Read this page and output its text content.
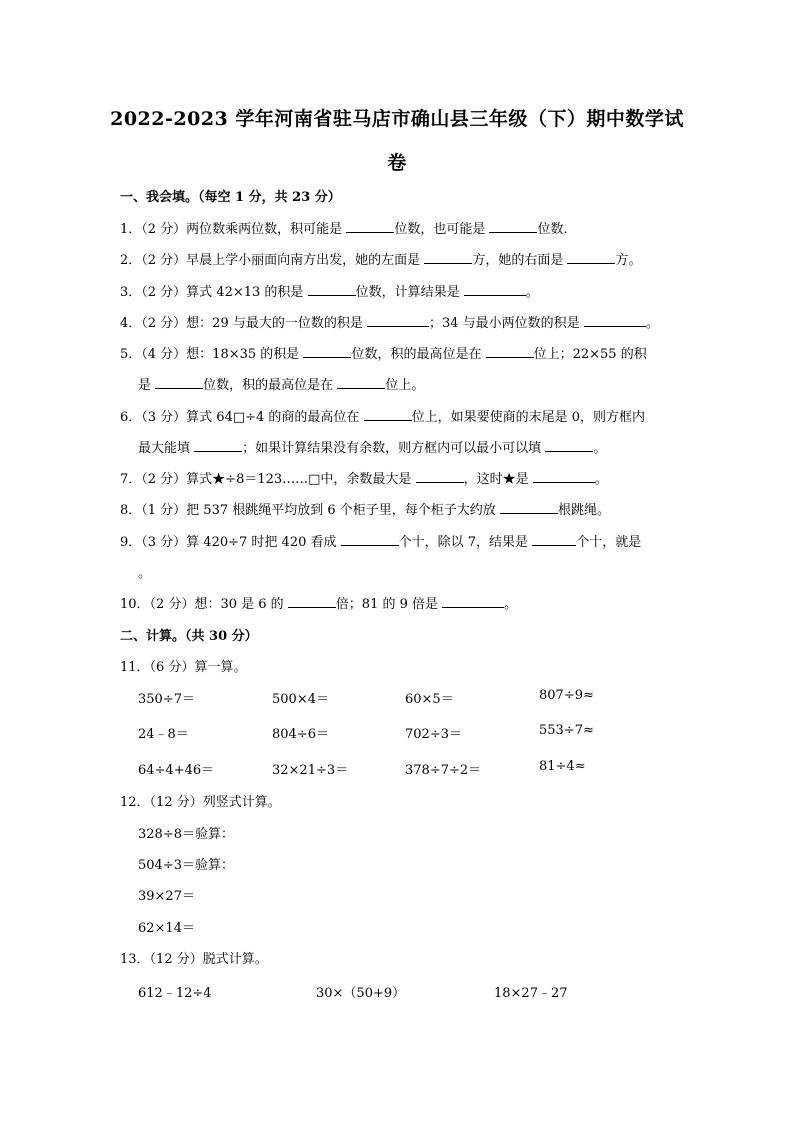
2022-2023 学年河南省驻马店市确山县三年级（下）期中数学试
卷
一、我会填。（每空 1 分，共 23 分）
1．（2 分）两位数乘两位数，积可能是	位数，也可能是	位数．
2．（2 分）早晨上学小丽面向南方出发，她的左面是	方，她的右面是	方。
3．（2 分）算式 42×13 的积是	位数，计算结果是	。
4．（2 分）想：29 与最大的一位数的积是	；34 与最小两位数的积是	。
5．（4 分）想：18×35 的积是	位数，积的最高位是在	位上；22×55 的积
是	位数，积的最高位是在	位上。
6．（3 分）算式 64□÷4 的商的最高位在	位上，如果要使商的末尾是 0，则方框内
最大能填	；如果计算结果没有余数，则方框内可以最小可以填	。
7．（2 分）算式★÷8＝123……□中，余数最大是	，这时★是	。
8．（1 分）把 537 根跳绳平均放到 6 个柜子里，每个柜子大约放	根跳绳。
9．（3 分）算 420÷7 时把 420 看成	个十，除以 7，结果是	个十，就是
。
10．（2 分）想：30 是 6 的	倍；81 的 9 倍是	。
二、计算。（共 30 分）
11．（6 分）算一算。
350÷7＝	500×4＝	60×5＝	807÷9≈
24﹣8＝	804÷6＝	702÷3＝	553÷7≈
64÷4+46＝	32×21÷3＝	378÷7÷2＝	81÷4≈
12．（12 分）列竖式计算。
328÷8＝验算：
504÷3＝验算：
39×27＝
62×14＝
13．（12 分）脱式计算。
612﹣12÷4	30×（50+9）	18×27﹣27
